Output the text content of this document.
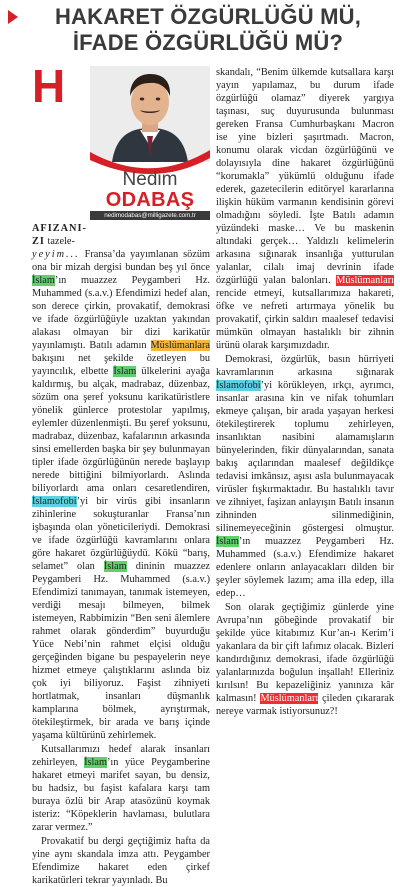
HAKARET ÖZGÜRLÜĞÜ MÜ,
İFADE ÖZGÜRLÜĞÜ MÜ?
Nedim
ODABAŞ
nedimodabas@milligazete.com.tr

H
AFIZANI-
ZI tazele-
yeyim... Fransa’da yayımlanan sözüm ona bir mizah dergisi bundan beş yıl önce İslam’ın muazzez Peygamberi Hz. Muhammed (s.a.v.) Efendimizi hedef alan, son derece çirkin, provakatif, demokrasi ve ifade özgürlüğüyle uzaktan yakından alakası olmayan bir dizi karikatür yayınlamıştı. Batılı adamın Müslümanlara bakışını net şekilde özetleyen bu yayıncılık, elbette İslam ülkelerini ayağa kaldırmış, bu alçak, madrabaz, düzenbaz, sözüm ona şeref yoksunu karikatüristlere yönelik günlerce protestolar yapılmış, eylemler düzenlenmişti. Bu şeref yoksunu, madrabaz, düzenbaz, kafalarının arkasında sinsi emellerden başka bir şey bulunmayan tipler ifade özgürlüğünün nerede başlayıp nerede bittiğini bilmiyorlardı. Aslında biliyorlardı ama onları cesaretlendiren, İslamofobi’yi bir virüs gibi insanların zihinlerine sokuşturanlar Fransa’nın işbaşında olan yöneticileriydi. Demokrasi ve ifade özgürlüğü kavramlarını onlara göre hakaret özgürlüğüydü. Kökü “barış, selamet” olan İslam dininin muazzez Peygamberi Hz. Muhammed (s.a.v.) Efendimizi tanımayan, tanımak istemeyen, verdiği mesajı bilmeyen, bilmek istemeyen, Rabbimizin “Ben seni âlemlere rahmet olarak gönderdim” buyurduğu Yüce Nebi’nin rahmet elçisi olduğu gerçeğinden bigane bu pespayelerin neye hizmet etmeye çalıştıklarını aslında biz çok iyi biliyoruz. Faşist zihniyeti hortlatmak, insanları düşmanlık kamplarına bölmek, ayrıştırmak, ötekileştirmek, bir arada ve barış içinde yaşama kültürünü zehirlemek.

Kutsallarımızı hedef alarak insanları zehirleyen, İslam’ın yüce Peygamberine hakaret etmeyi marifet sayan, bu densiz, bu hadsiz, bu faşist kafalara karşı tam buraya özlü bir Arap atasözünü koymak isteriz: “Köpeklerin havlaması, bulutlara zarar vermez.”

Provakatif bu dergi geçtiğimiz hafta da yine aynı skandala imza attı. Peygamber Efendimize hakaret eden çirkef karikatürleri tekrar yayınladı. Bu

skandalı, “Benim ülkemde kutsallara karşı yayın yapılamaz, bu durum ifade özgürlüğü olamaz” diyerek yargıya taşınası, suç duyurusunda bulunması gereken Fransa Cumhurbaşkanı Macron ise yine bizleri şaşırtmadı. Macron, konumu olarak vicdan özgürlüğünü ve dolayısıyla dine hakaret özgürlüğünü “korumakla” yükümlü olduğunu ifade ederek, gazetecilerin editöryel kararlarına ilişkin hüküm varmanın kendisinin görevi olmadığını söyledi. İşte Batılı adamın yüzündeki maske… Ve bu maskenin altındaki gerçek… Yaldızlı kelimelerin arkasına sığınarak insanlığa yutturulan yalanlar, cilalı imaj devrinin ifade özgürlüğü yalan balonları. Müslümanları rencide etmeyi, kutsallarımıza hakareti, öfke ve nefreti artırmaya yönelik bu provakatif, çirkin saldırı maalesef tedavisi mümkün olmayan hastalıklı bir zihnin ürünü olarak karşımızdadır.

Demokrasi, özgürlük, basın hürriyeti kavramlarının arkasına sığınarak İslamofobi’yi körükleyen, ırkçı, ayrımcı, insanlar arasına kin ve nifak tohumları ekmeye çalışan, bir arada yaşayan herkesi ötekileştirerek toplumu zehirleyen, insanlıktan nasibini alamamışların bünyelerinden, fikir dünyalarından, sanata bakış açılarından maalesef değildikçe tedavisi imkânsız, aşısı asla bulunmayacak virüsler fışkırmaktadır. Bu hastalıklı tavır ve zihniyet, faşizan anlayışın Batılı insanın zihninden silinmediğinin, silinemeyeceğinin göstergesi olmuştur. İslam’ın muazzez Peygamberi Hz. Muhammed (s.a.v.) Efendimize hakaret edenlere onların anlayacakları dilden bir şeyler söylemek lazım; ama illa edep, illa edep…

Son olarak geçtiğimiz günlerde yine Avrupa’nın göbeğinde provakatif bir şekilde yüce kitabımız Kur’an-ı Kerim’i yakanlara da bir çift lafımız olacak. Bizleri kandırdığınız demokrasi, ifade özgürlüğü yalanlarınızda boğulun inşallah! Elleriniz kırılsın! Bu kepazeliğiniz yanınıza kâr kalmasın! Müslümanları çileden çıkararak nereye varmak istiyorsunuz?!
